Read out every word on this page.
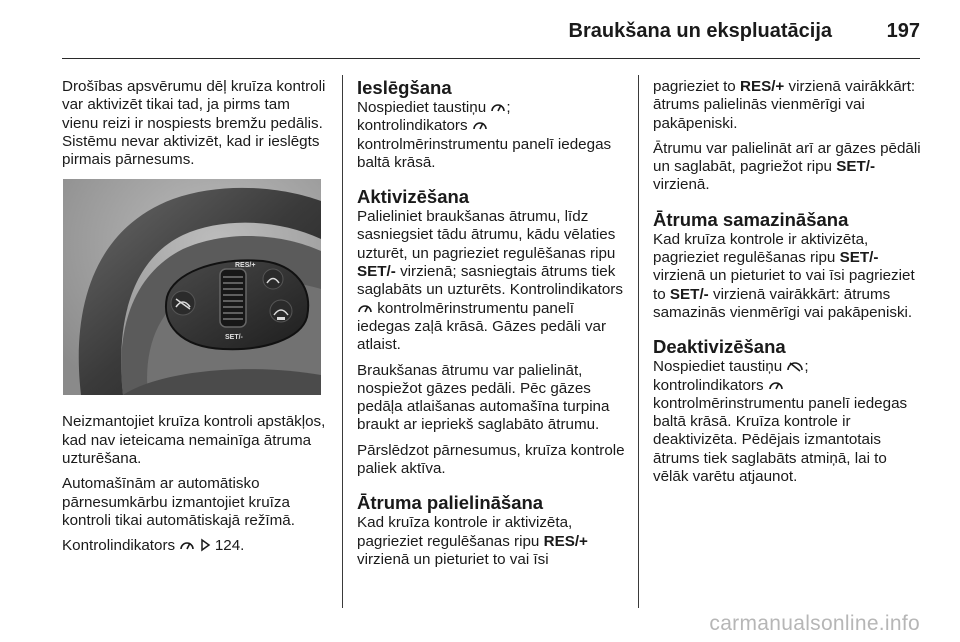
Braukšana un ekspluatācija	197

Drošības apsvērumu dēļ kruīza kontroli var aktivizēt tikai tad, ja pirms tam vienu reizi ir nospiests bremžu pedālis. Sistēmu nevar aktivizēt, kad ir ieslēgts pirmais pārnesums.

RES/+
SET/-

Neizmantojiet kruīza kontroli apstākļos, kad nav ieteicama nemainīga ātruma uzturēšana.

Automašīnām ar automātisko pārnesumkārbu izmantojiet kruīza kontroli tikai automātiskajā režīmā.

Kontrolindikators	124.

Ieslēgšana

Nospiediet taustiņu ;
kontrolindikators
kontrolmērinstrumentu panelī iedegas baltā krāsā.

Aktivizēšana

Palieliniet braukšanas ātrumu, līdz sasniegsiet tādu ātrumu, kādu vēlaties uzturēt, un pagrieziet regulēšanas ripu SET/- virzienā; sasniegtais ātrums tiek saglabāts un uzturēts. Kontrolindikators  kontrolmērinstrumentu panelī iedegas zaļā krāsā. Gāzes pedāli var atlaist.

Braukšanas ātrumu var palielināt, nospiežot gāzes pedāli. Pēc gāzes pedāļa atlaišanas automašīna turpina braukt ar iepriekš saglabāto ātrumu.

Pārslēdzot pārnesumus, kruīza kontrole paliek aktīva.

Ātruma palielināšana

Kad kruīza kontrole ir aktivizēta, pagrieziet regulēšanas ripu RES/+ virzienā un pieturiet to vai īsi

pagrieziet to RES/+ virzienā vairākkārt: ātrums palielinās vienmērīgi vai pakāpeniski.

Ātrumu var palielināt arī ar gāzes pēdāli un saglabāt, pagriežot ripu SET/- virzienā.

Ātruma samazināšana

Kad kruīza kontrole ir aktivizēta, pagrieziet regulēšanas ripu SET/- virzienā un pieturiet to vai īsi pagrieziet to SET/- virzienā vairākkārt: ātrums samazinās vienmērīgi vai pakāpeniski.

Deaktivizēšana

Nospiediet taustiņu ;
kontrolindikators
kontrolmērinstrumentu panelī iedegas baltā krāsā. Kruīza kontrole ir deaktivizēta. Pēdējais izmantotais ātrums tiek saglabāts atmiņā, lai to vēlāk varētu atjaunot.

carmanualsonline.info
